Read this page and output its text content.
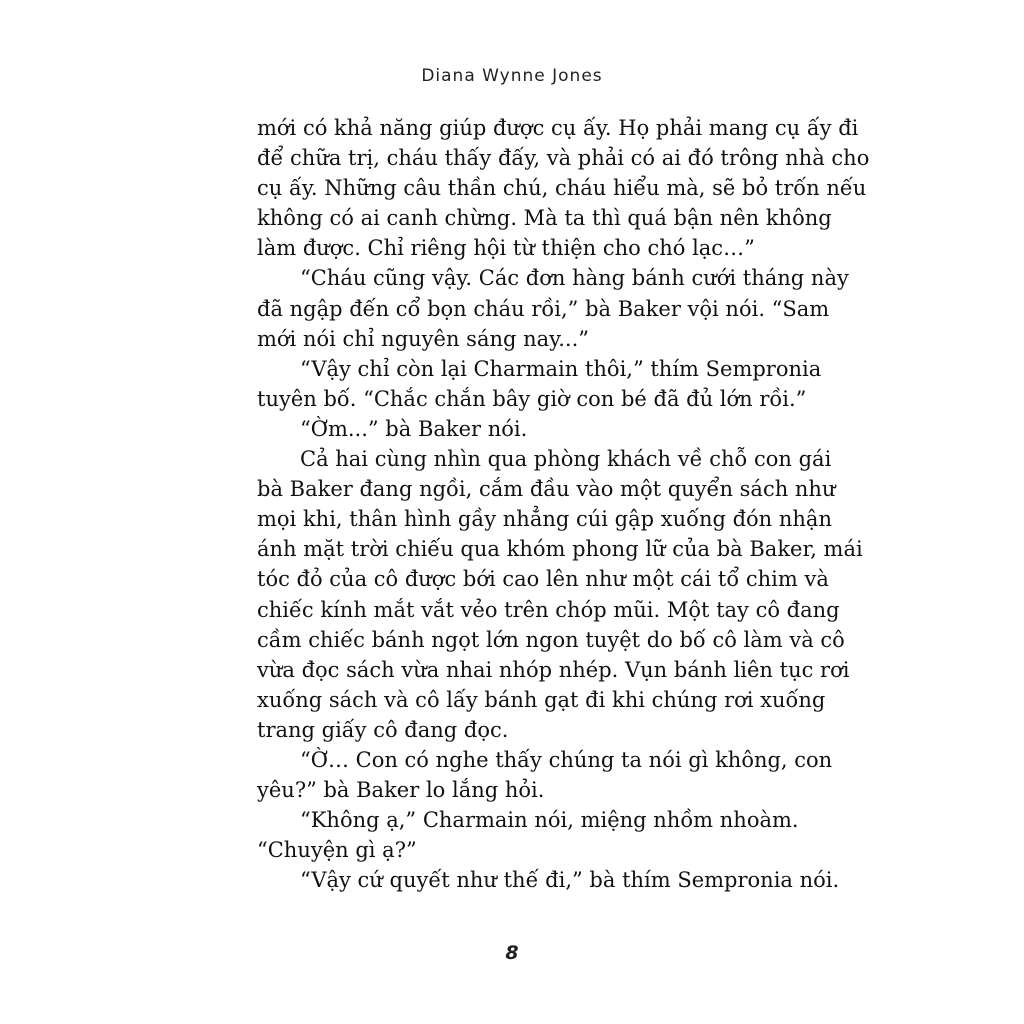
Diana Wynne Jones
mới có khả năng giúp được cụ ấy. Họ phải mang cụ ấy đi
để chữa trị, cháu thấy đấy, và phải có ai đó trông nhà cho
cụ ấy. Những câu thần chú, cháu hiểu mà, sẽ bỏ trốn nếu
không có ai canh chừng. Mà ta thì quá bận nên không
làm được. Chỉ riêng hội từ thiện cho chó lạc…”
“Cháu cũng vậy. Các đơn hàng bánh cưới tháng này
đã ngập đến cổ bọn cháu rồi,” bà Baker vội nói. “Sam
mới nói chỉ nguyên sáng nay...”
“Vậy chỉ còn lại Charmain thôi,” thím Sempronia
tuyên bố. “Chắc chắn bây giờ con bé đã đủ lớn rồi.”
“Ờm...” bà Baker nói.
Cả hai cùng nhìn qua phòng khách về chỗ con gái
bà Baker đang ngồi, cắm đầu vào một quyển sách như
mọi khi, thân hình gầy nhẳng cúi gập xuống đón nhận
ánh mặt trời chiếu qua khóm phong lữ của bà Baker, mái
tóc đỏ của cô được bới cao lên như một cái tổ chim và
chiếc kính mắt vắt vẻo trên chóp mũi. Một tay cô đang
cầm chiếc bánh ngọt lớn ngon tuyệt do bố cô làm và cô
vừa đọc sách vừa nhai nhóp nhép. Vụn bánh liên tục rơi
xuống sách và cô lấy bánh gạt đi khi chúng rơi xuống
trang giấy cô đang đọc.
“Ờ… Con có nghe thấy chúng ta nói gì không, con
yêu?” bà Baker lo lắng hỏi.
“Không ạ,” Charmain nói, miệng nhồm nhoàm.
“Chuyện gì ạ?”
“Vậy cứ quyết như thế đi,” bà thím Sempronia nói.
8
